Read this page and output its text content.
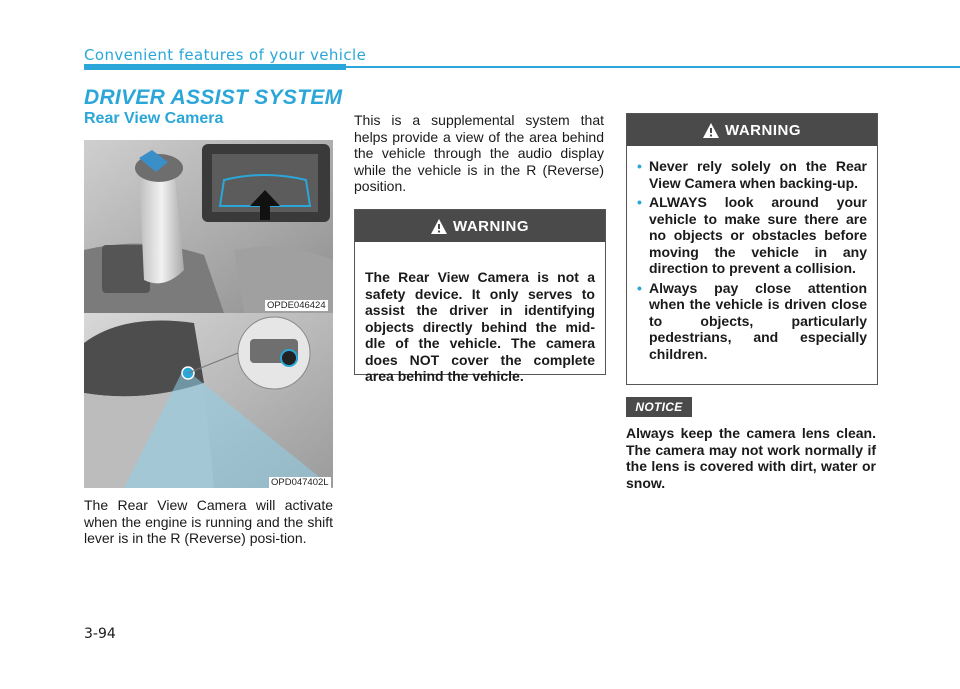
Convenient features of your vehicle
DRIVER ASSIST SYSTEM
Rear View Camera
OPDE046424
OPD047402L
The Rear View Camera will activate when the engine is running and the shift lever is in the R (Reverse) posi-tion.
This is a supplemental system that helps provide a view of the area behind the vehicle through the audio display while the vehicle is in the R (Reverse) position.
WARNING
The Rear View Camera is not a safety device. It only serves to assist the driver in identifying objects directly behind the mid-dle of the vehicle. The camera does NOT cover the complete area behind the vehicle.
WARNING
• Never rely solely on the Rear View Camera when backing-up.
• ALWAYS look around your vehicle to make sure there are no objects or obstacles before moving the vehicle in any direction to prevent a collision.
• Always pay close attention when the vehicle is driven close to objects, particularly pedestrians, and especially children.
NOTICE
Always keep the camera lens clean. The camera may not work normally if the lens is covered with dirt, water or snow.
3-94
